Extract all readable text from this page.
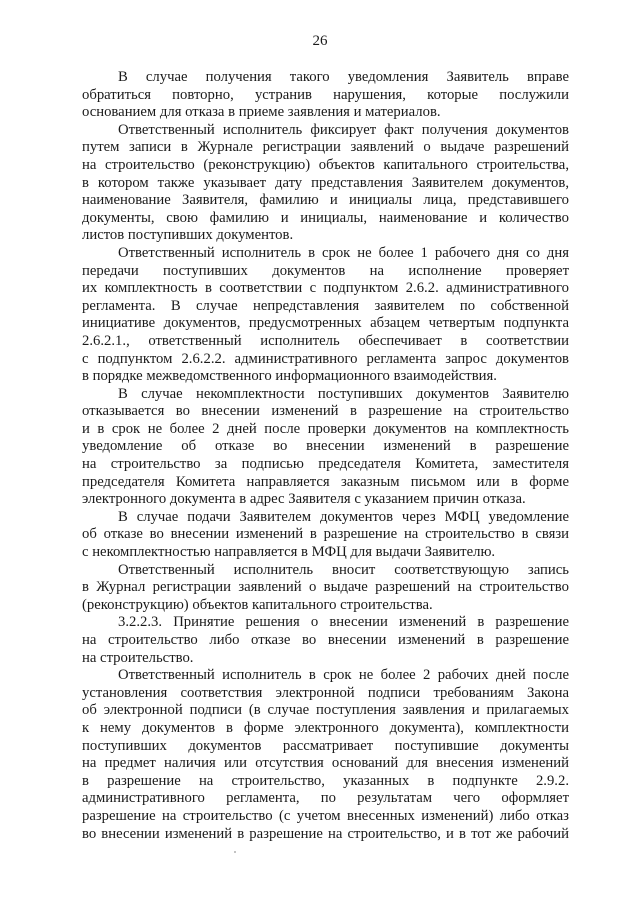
26

В случае получения такого уведомления Заявитель вправе

обратиться повторно, устранив нарушения, которые послужили

основанием для отказа в приеме заявления и материалов.

Ответственный исполнитель фиксирует факт получения документов

путем записи в Журнале регистрации заявлений о выдаче разрешений

на строительство (реконструкцию) объектов капитального строительства,

в котором также указывает дату представления Заявителем документов,

наименование Заявителя, фамилию и инициалы лица, представившего

документы, свою фамилию и инициалы, наименование и количество

листов поступивших документов.

Ответственный исполнитель в срок не более 1 рабочего дня со дня

передачи поступивших документов на исполнение проверяет

их комплектность в соответствии с подпунктом 2.6.2. административного

регламента. В случае непредставления заявителем по собственной

инициативе документов, предусмотренных абзацем четвертым подпункта

2.6.2.1., ответственный исполнитель обеспечивает в соответствии

с подпунктом 2.6.2.2. административного регламента запрос документов

в порядке межведомственного информационного взаимодействия.

В случае некомплектности поступивших документов Заявителю

отказывается во внесении изменений в разрешение на строительство

и в срок не более 2 дней после проверки документов на комплектность

уведомление об отказе во внесении изменений в разрешение

на строительство за подписью председателя Комитета, заместителя

председателя Комитета направляется заказным письмом или в форме

электронного документа в адрес Заявителя с указанием причин отказа.

В случае подачи Заявителем документов через МФЦ уведомление

об отказе во внесении изменений в разрешение на строительство в связи

с некомплектностью направляется в МФЦ для выдачи Заявителю.

Ответственный исполнитель вносит соответствующую запись

в Журнал регистрации заявлений о выдаче разрешений на строительство

(реконструкцию) объектов капитального строительства.

3.2.2.3. Принятие решения о внесении изменений в разрешение

на строительство либо отказе во внесении изменений в разрешение

на строительство.

Ответственный исполнитель в срок не более 2 рабочих дней после

установления соответствия электронной подписи требованиям Закона

об электронной подписи (в случае поступления заявления и прилагаемых

к нему документов в форме электронного документа), комплектности

поступивших документов рассматривает поступившие документы

на предмет наличия или отсутствия оснований для внесения изменений

в разрешение на строительство, указанных в подпункте 2.9.2.

административного регламента, по результатам чего оформляет

разрешение на строительство (с учетом внесенных изменений) либо отказ

во внесении изменений в разрешение на строительство, и в тот же рабочий
